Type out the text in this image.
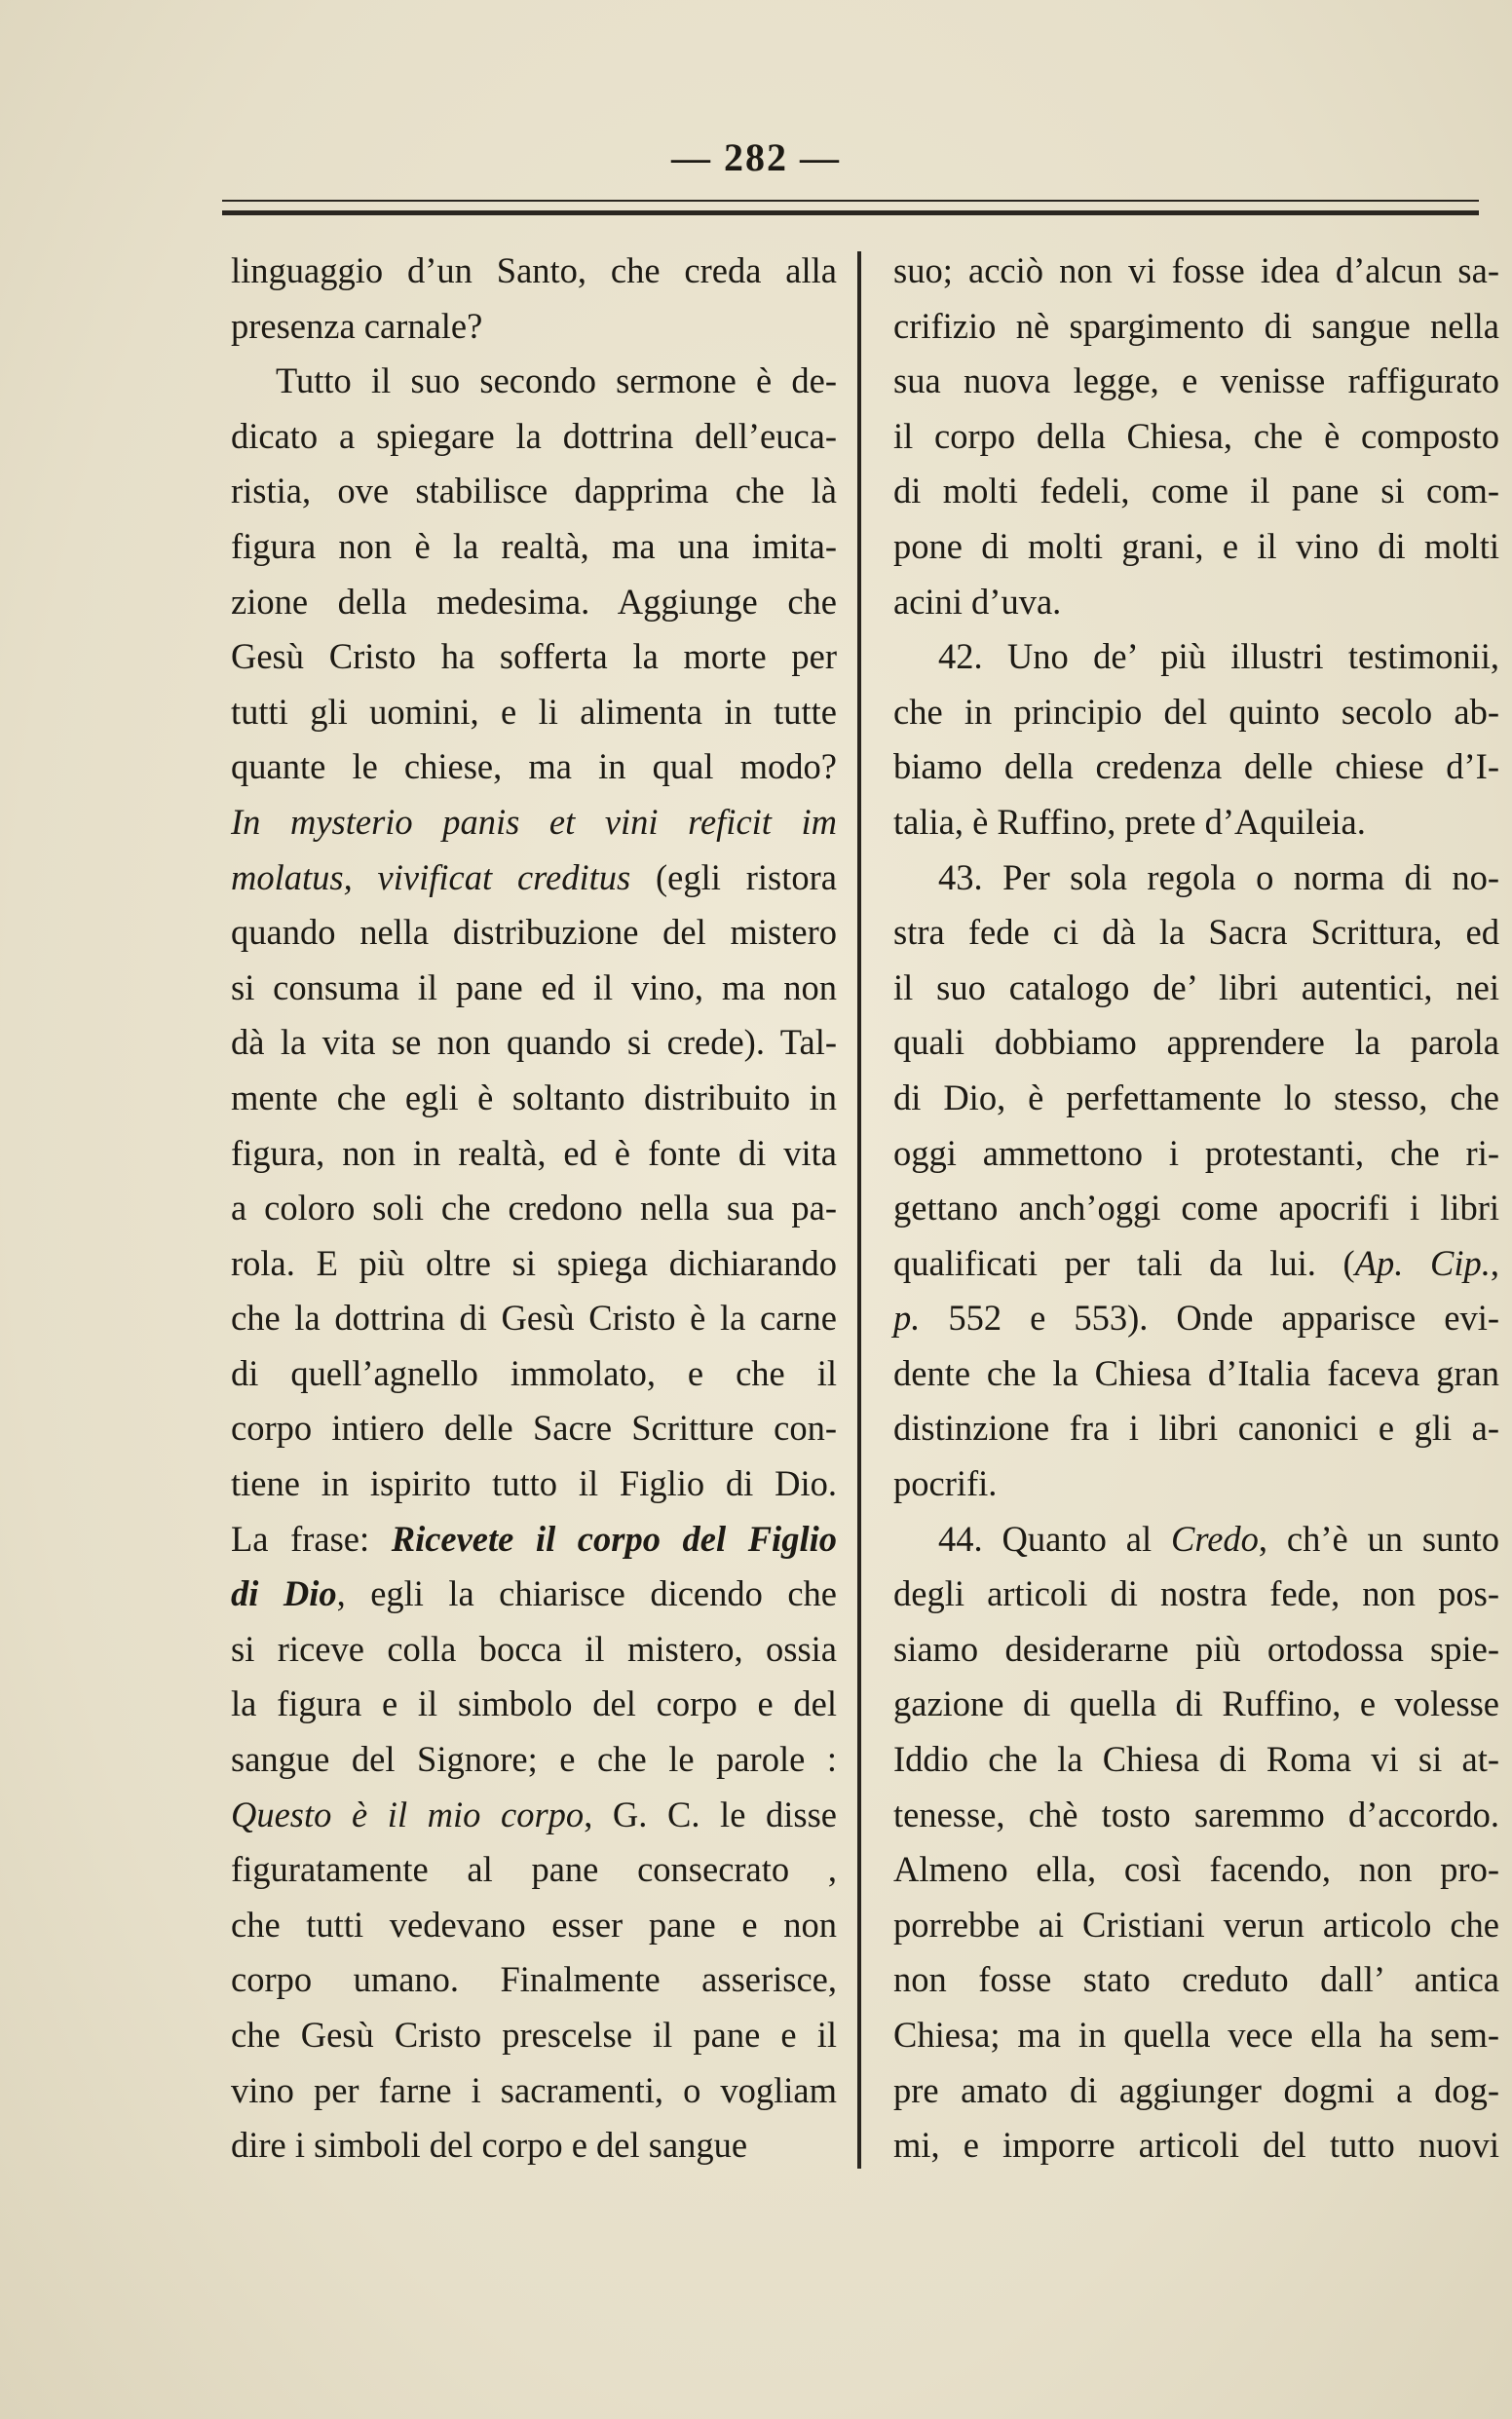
— 282 —
linguaggio d’un Santo, che creda alla
presenza carnale?
Tutto il suo secondo sermone è de-
dicato a spiegare la dottrina dell’euca-
ristia, ove stabilisce dapprima che là
figura non è la realtà, ma una imita-
zione della medesima. Aggiunge che
Gesù Cristo ha sofferta la morte per
tutti gli uomini, e li alimenta in tutte
quante le chiese, ma in qual modo?
In mysterio panis et vini reficit im
molatus, vivificat creditus (egli ristora
quando nella distribuzione del mistero
si consuma il pane ed il vino, ma non
dà la vita se non quando si crede). Tal-
mente che egli è soltanto distribuito in
figura, non in realtà, ed è fonte di vita
a coloro soli che credono nella sua pa-
rola. E più oltre si spiega dichiarando
che la dottrina di Gesù Cristo è la carne
di quell’agnello immolato, e che il
corpo intiero delle Sacre Scritture con-
tiene in ispirito tutto il Figlio di Dio.
La frase: Ricevete il corpo del Figlio
di Dio, egli la chiarisce dicendo che
si riceve colla bocca il mistero, ossia
la figura e il simbolo del corpo e del
sangue del Signore; e che le parole :
Questo è il mio corpo, G. C. le disse
figuratamente al pane consecrato ,
che tutti vedevano esser pane e non
corpo umano. Finalmente asserisce,
che Gesù Cristo prescelse il pane e il
vino per farne i sacramenti, o vogliam
dire i simboli del corpo e del sangue
suo; acciò non vi fosse idea d’alcun sa-
crifizio nè spargimento di sangue nella
sua nuova legge, e venisse raffigurato
il corpo della Chiesa, che è composto
di molti fedeli, come il pane si com-
pone di molti grani, e il vino di molti
acini d’uva.
42. Uno de’ più illustri testimonii,
che in principio del quinto secolo ab-
biamo della credenza delle chiese d’I-
talia, è Ruffino, prete d’Aquileia.
43. Per sola regola o norma di no-
stra fede ci dà la Sacra Scrittura, ed
il suo catalogo de’ libri autentici, nei
quali dobbiamo apprendere la parola
di Dio, è perfettamente lo stesso, che
oggi ammettono i protestanti, che ri-
gettano anch’oggi come apocrifi i libri
qualificati per tali da lui. (Ap. Cip.,
p. 552 e 553). Onde apparisce evi-
dente che la Chiesa d’Italia faceva gran
distinzione fra i libri canonici e gli a-
pocrifi.
44. Quanto al Credo, ch’è un sunto
degli articoli di nostra fede, non pos-
siamo desiderarne più ortodossa spie-
gazione di quella di Ruffino, e volesse
Iddio che la Chiesa di Roma vi si at-
tenesse, chè tosto saremmo d’accordo.
Almeno ella, così facendo, non pro-
porrebbe ai Cristiani verun articolo che
non fosse stato creduto dall’ antica
Chiesa; ma in quella vece ella ha sem-
pre amato di aggiunger dogmi a dog-
mi, e imporre articoli del tutto nuovi
